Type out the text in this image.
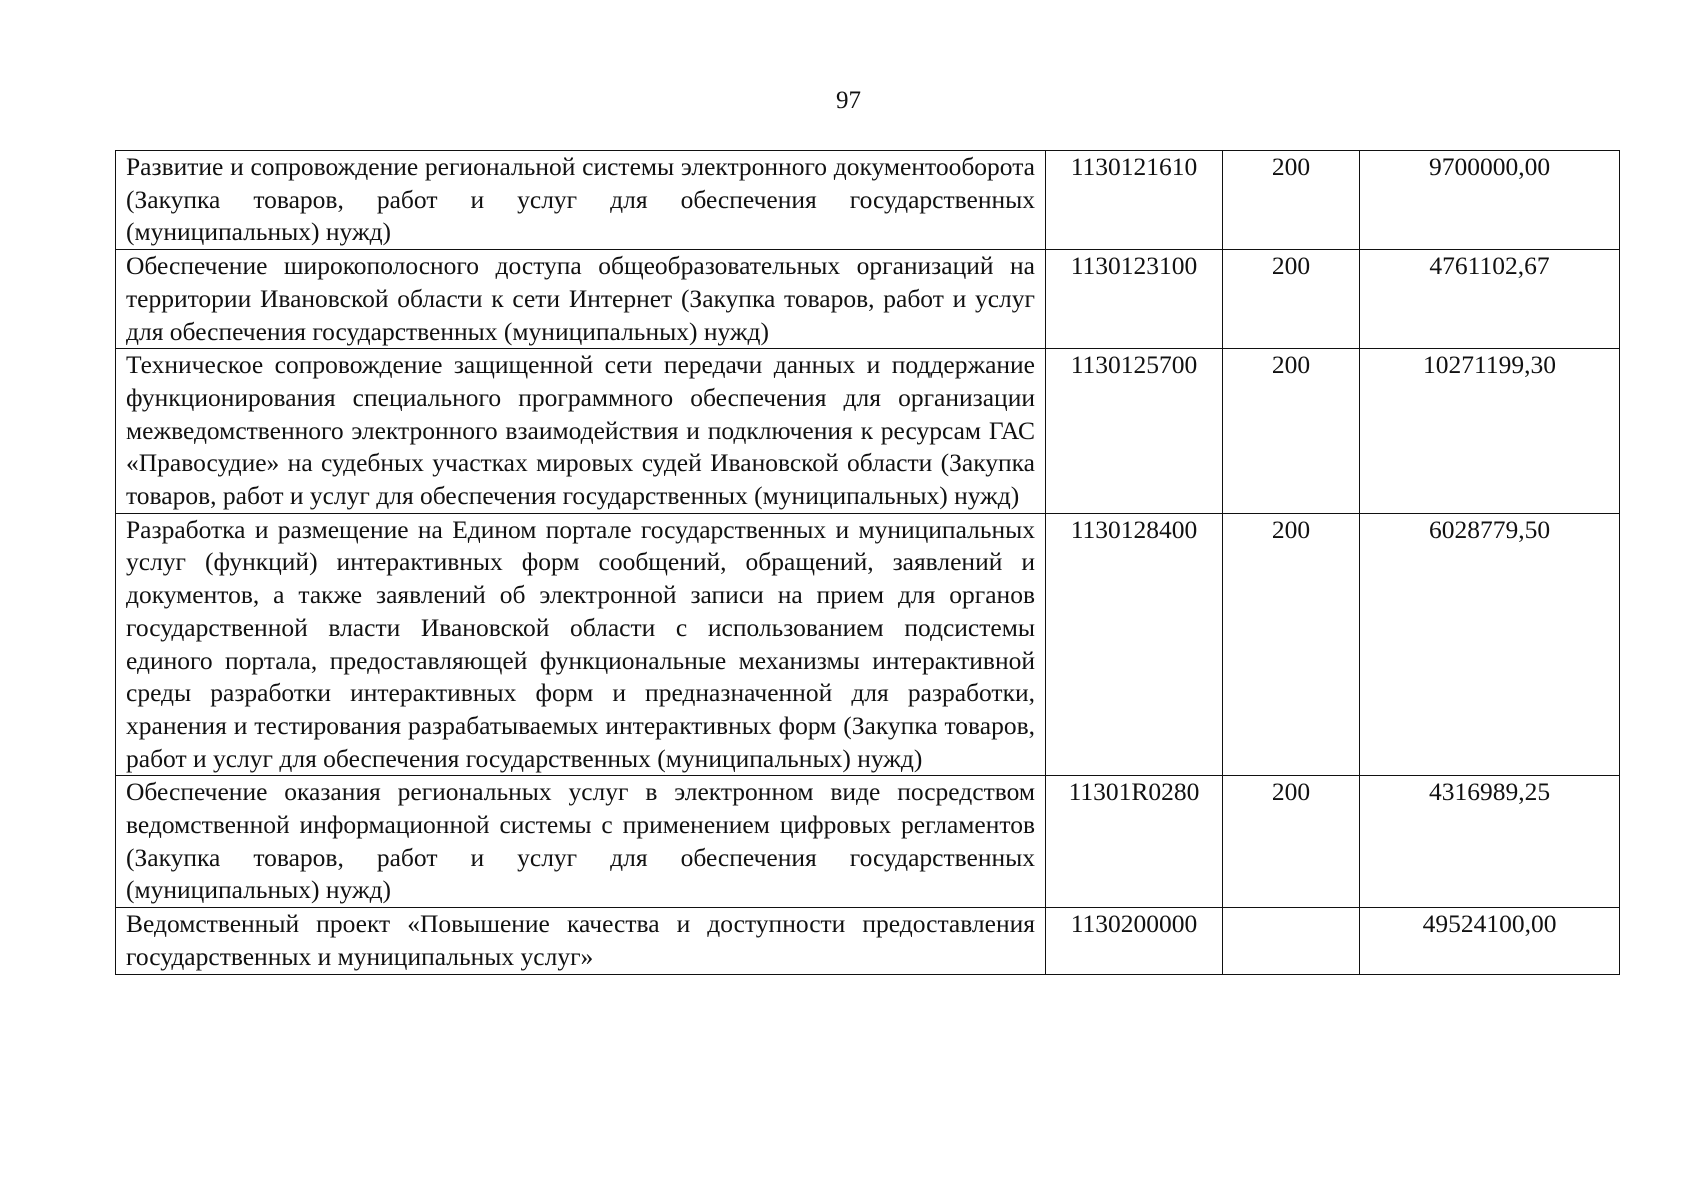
97
Развитие и сопровождение региональной системы электронного документооборота (Закупка товаров, работ и услуг для обеспечения государственных (муниципальных) нужд)	1130121610	200	9700000,00
Обеспечение широкополосного доступа общеобразовательных организаций на территории Ивановской области к сети Интернет (Закупка товаров, работ и услуг для обеспечения государственных (муниципальных) нужд)	1130123100	200	4761102,67
Техническое сопровождение защищенной сети передачи данных и поддержание функционирования специального программного обеспечения для организации межведомственного электронного взаимодействия и подключения к ресурсам ГАС «Правосудие» на судебных участках мировых судей Ивановской области (Закупка товаров, работ и услуг для обеспечения государственных (муниципальных) нужд)	1130125700	200	10271199,30
Разработка и размещение на Едином портале государственных и муниципальных услуг (функций) интерактивных форм сообщений, обращений, заявлений и документов, а также заявлений об электронной записи на прием для органов государственной власти Ивановской области с использованием подсистемы единого портала, предоставляющей функциональные механизмы интерактивной среды разработки интерактивных форм и предназначенной для разработки, хранения и тестирования разрабатываемых интерактивных форм (Закупка товаров, работ и услуг для обеспечения государственных (муниципальных) нужд)	1130128400	200	6028779,50
Обеспечение оказания региональных услуг в электронном виде посредством ведомственной информационной системы с применением цифровых регламентов (Закупка товаров, работ и услуг для обеспечения государственных (муниципальных) нужд)	11301R0280	200	4316989,25
Ведомственный проект «Повышение качества и доступности предоставления государственных и муниципальных услуг»	1130200000		49524100,00
